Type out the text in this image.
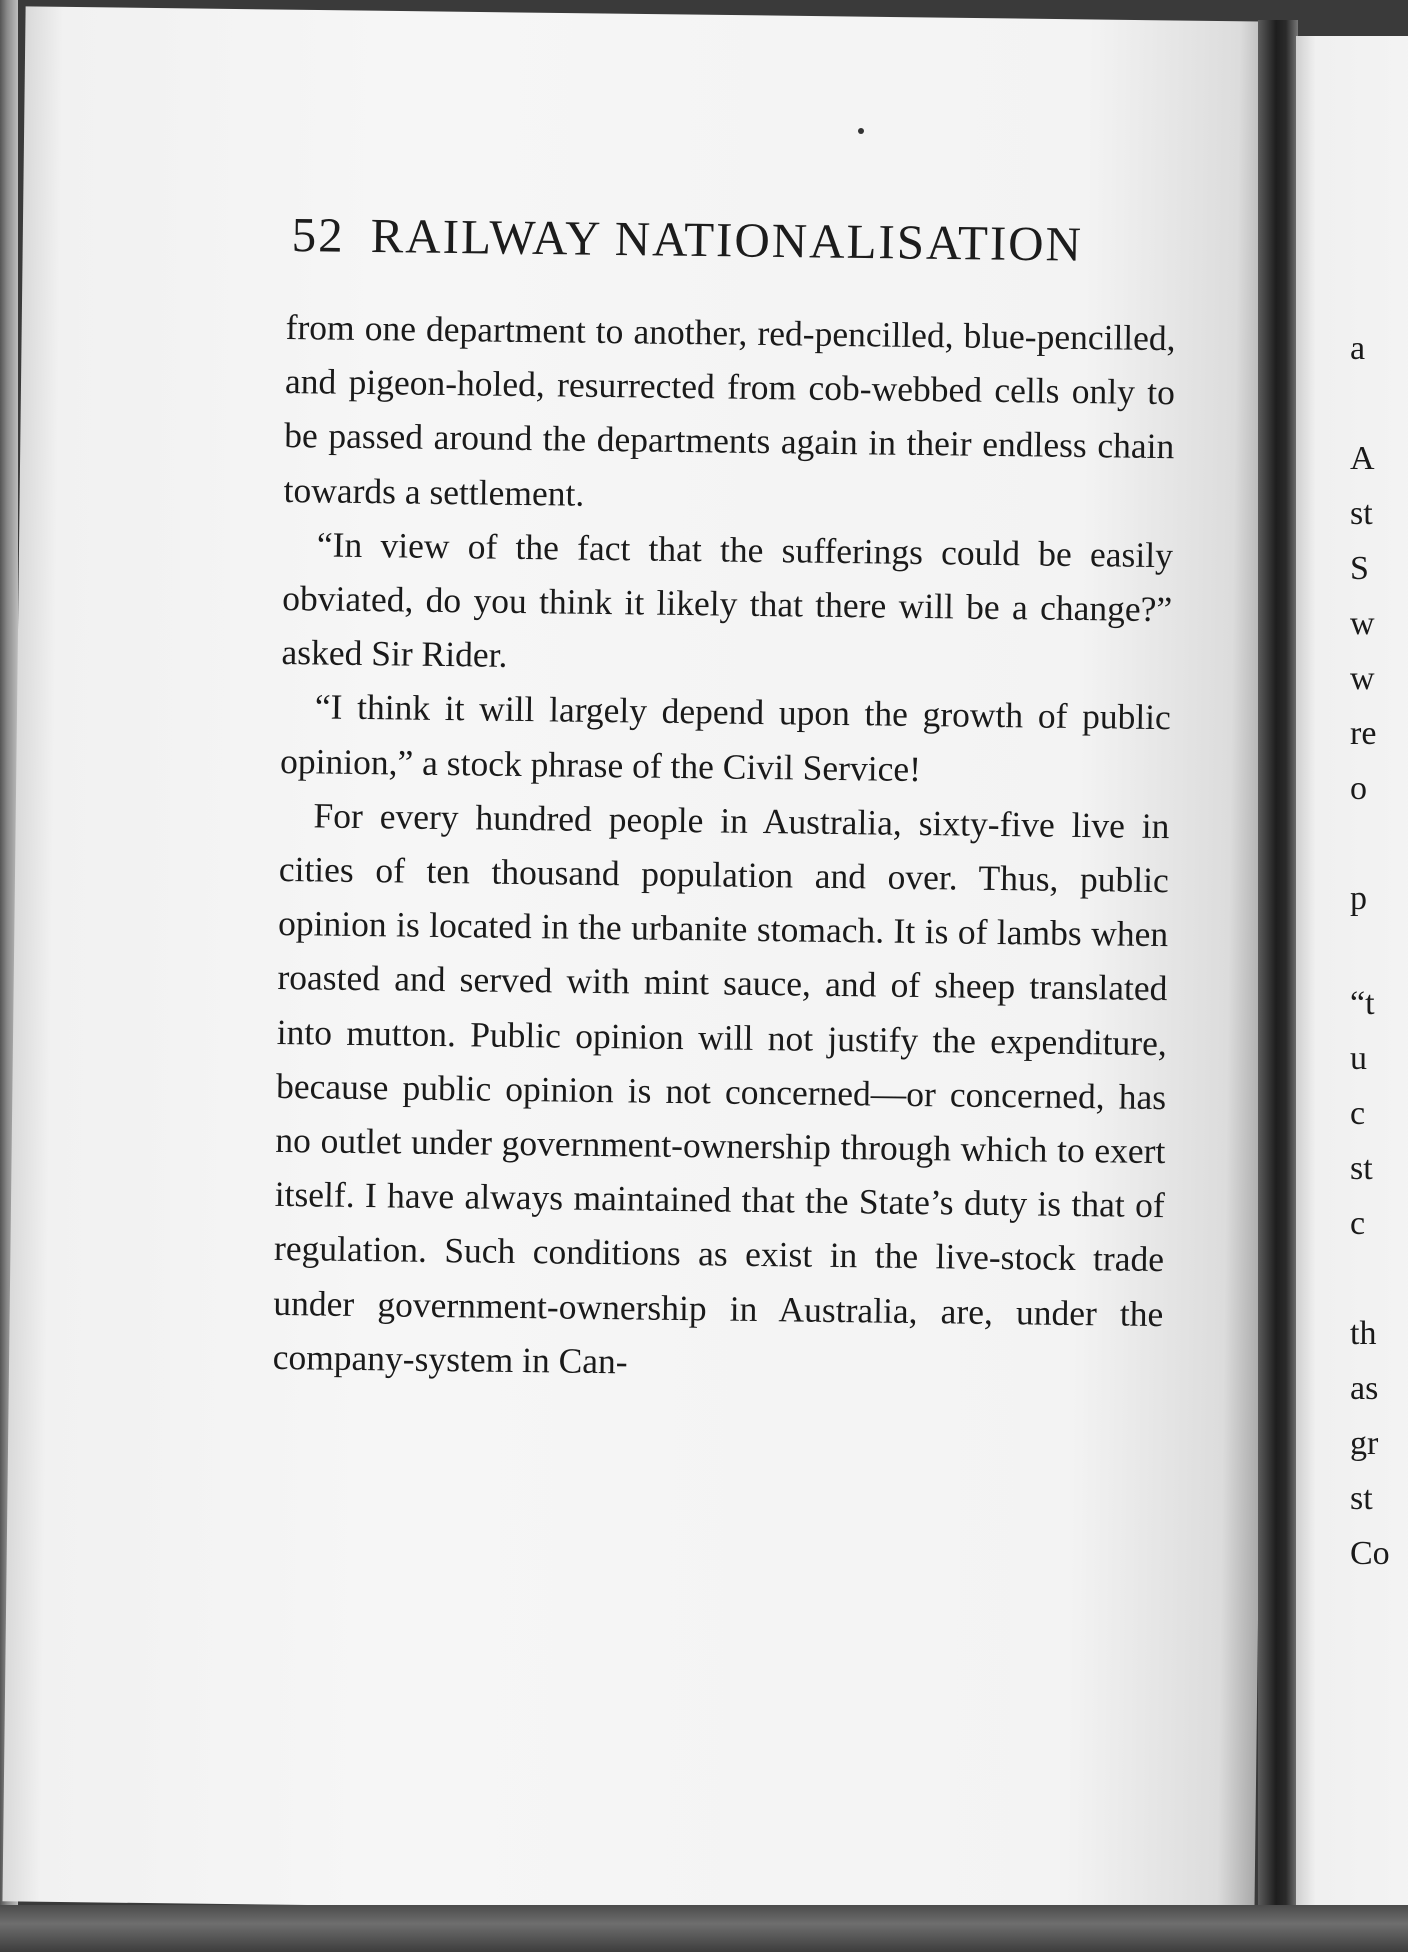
52 RAILWAY NATIONALISATION

from one department to another, red-pencilled, blue-pencilled, and pigeon-holed, resurrected from cob-webbed cells only to be passed around the departments again in their endless chain towards a settlement.

“In view of the fact that the sufferings could be easily obviated, do you think it likely that there will be a change?” asked Sir Rider.

“I think it will largely depend upon the growth of public opinion,” a stock phrase of the Civil Service!

For every hundred people in Australia, sixty-five live in cities of ten thousand population and over. Thus, public opinion is located in the urbanite stomach. It is of lambs when roasted and served with mint sauce, and of sheep translated into mutton. Public opinion will not justify the expenditure, because public opinion is not concerned—or concerned, has no outlet under government-ownership through which to exert itself. I have always maintained that the State’s duty is that of regulation. Such conditions as exist in the live-stock trade under government-ownership in Australia, are, under the company-system in Can-

a
A
st
S
w
w
re
o
p
“t
u
c
st
c
th
as
gr
st
Co
